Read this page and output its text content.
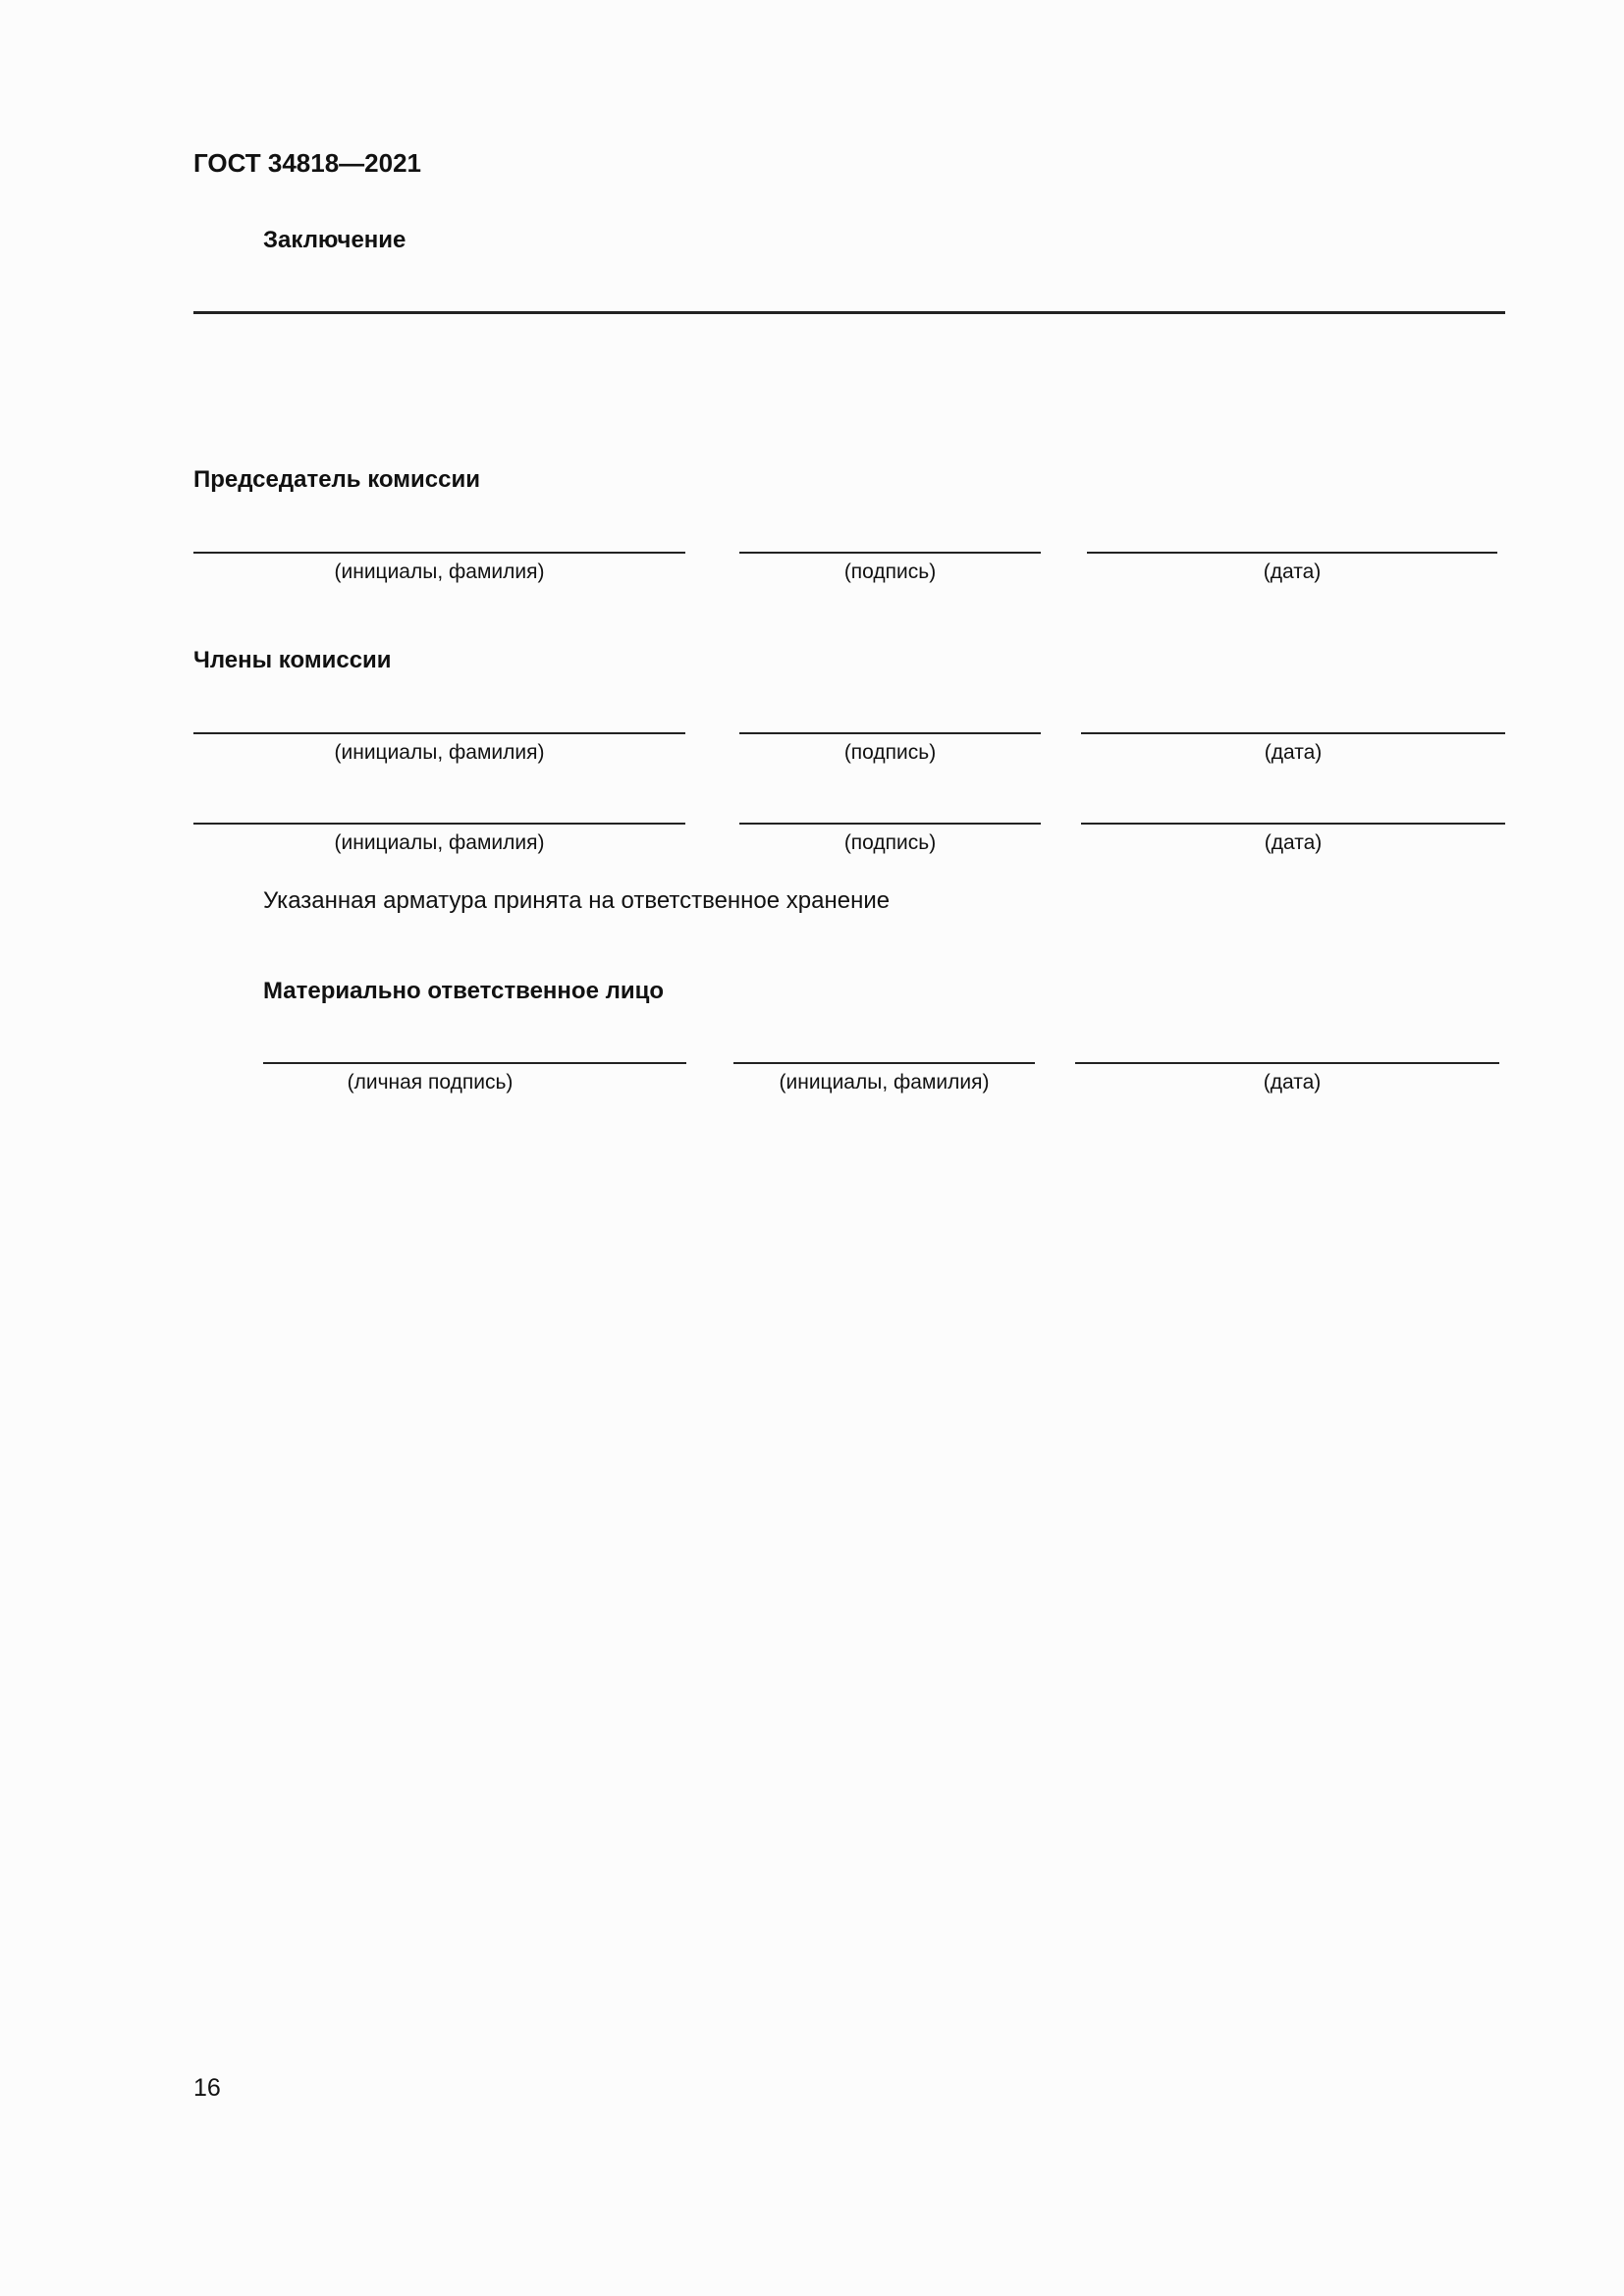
ГОСТ 34818—2021
Заключение
Председатель комиссии
(инициалы, фамилия)	(подпись)	(дата)
Члены комиссии
(инициалы, фамилия)	(подпись)	(дата)
(инициалы, фамилия)	(подпись)	(дата)
Указанная арматура принята на ответственное хранение
Материально ответственное лицо
(личная подпись)	(инициалы, фамилия)	(дата)
16
